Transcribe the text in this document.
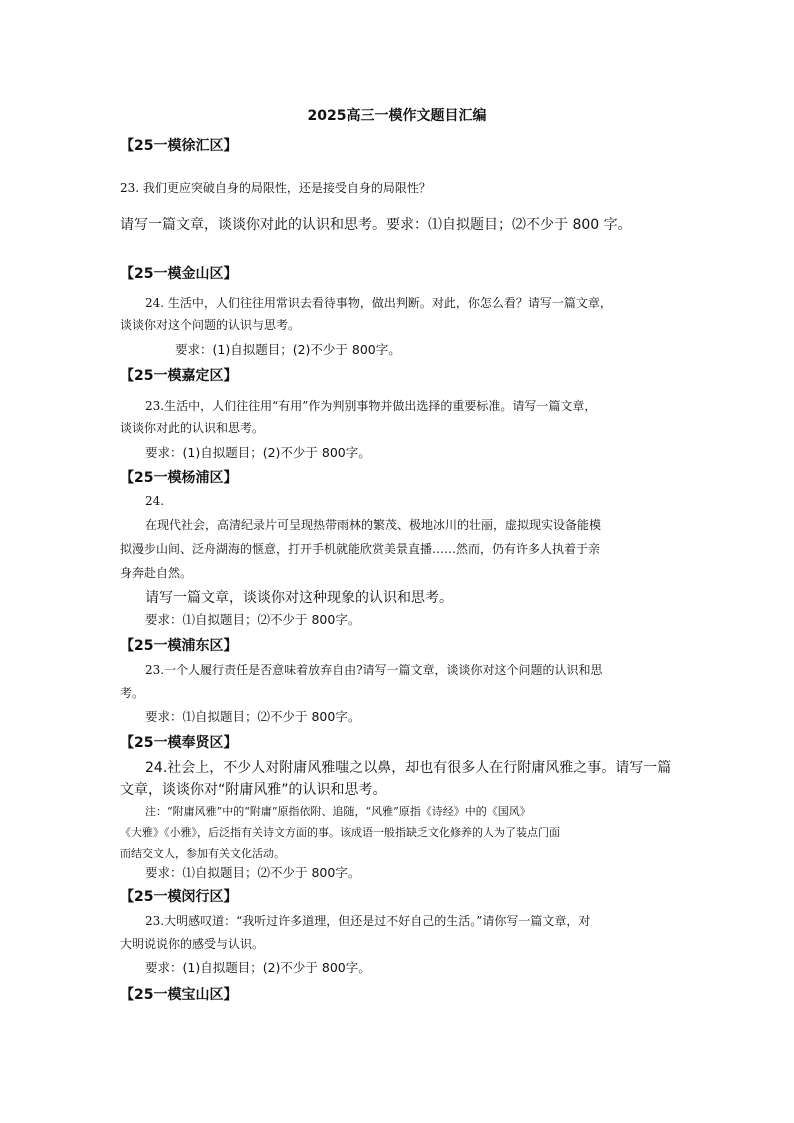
2025高三一模作文题目汇编
【25一模徐汇区】
23. 我们更应突破自身的局限性，还是接受自身的局限性？
请写一篇文章，谈谈你对此的认识和思考。要求：⑴自拟题目；⑵不少于 800 字。
【25一模金山区】
24. 生活中，人们往往用常识去看待事物，做出判断。对此，你怎么看？请写一篇文章，
谈谈你对这个问题的认识与思考。
要求：(1)自拟题目；(2)不少于 800字。
【25一模嘉定区】
23.生活中，人们往往用“有用”作为判别事物并做出选择的重要标准。请写一篇文章，
谈谈你对此的认识和思考。
要求：(1)自拟题目；(2)不少于 800字。
【25一模杨浦区】
24.
在现代社会，高清纪录片可呈现热带雨林的繁茂、极地冰川的壮丽，虚拟现实设备能模
拟漫步山间、泛舟湖海的惬意，打开手机就能欣赏美景直播……然而，仍有许多人执着于亲
身奔赴自然。
请写一篇文章，谈谈你对这种现象的认识和思考。
要求：⑴自拟题目；⑵不少于 800字。
【25一模浦东区】
23.一个人履行责任是否意味着放弃自由?请写一篇文章，谈谈你对这个问题的认识和思
考。
要求：⑴自拟题目；⑵不少于 800字。
【25一模奉贤区】
24.社会上，不少人对附庸风雅嗤之以鼻，却也有很多人在行附庸风雅之事。请写一篇
文章，谈谈你对“附庸风雅”的认识和思考。
注：“附庸风雅”中的“附庸”原指依附、追随，“风雅”原指《诗经》中的《国风》
《大雅》《小雅》，后泛指有关诗文方面的事。该成语一般指缺乏文化修养的人为了装点门面
而结交文人，参加有关文化活动。
要求：⑴自拟题目；⑵不少于 800字。
【25一模闵行区】
23.大明感叹道：“我听过许多道理，但还是过不好自己的生活。”请你写一篇文章，对
大明说说你的感受与认识。
要求：(1)自拟题目；(2)不少于 800字。
【25一模宝山区】
